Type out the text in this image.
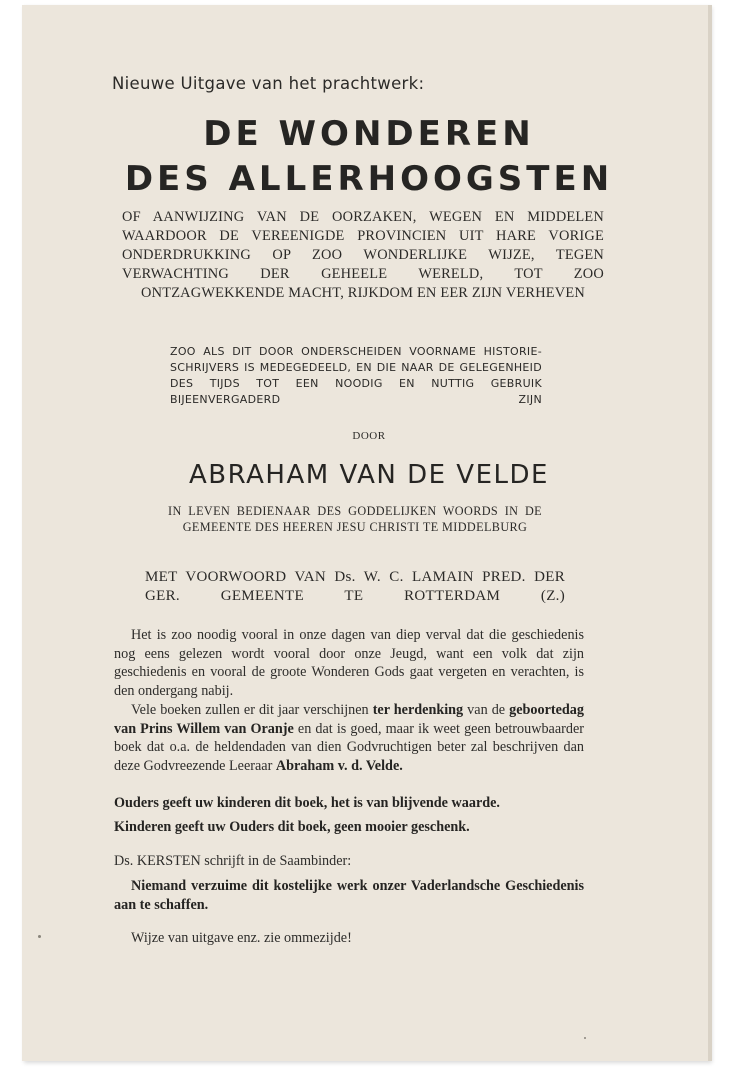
Nieuwe Uitgave van het prachtwerk:
DE WONDEREN
DES ALLERHOOGSTEN
OF AANWIJZING VAN DE OORZAKEN, WEGEN EN MIDDELEN WAARDOOR DE VEREENIGDE PROVINCIEN UIT HARE VORIGE ONDERDRUKKING OP ZOO WONDERLIJKE WIJZE, TEGEN VERWACHTING DER GEHEELE WERELD, TOT ZOO ONTZAGWEKKENDE MACHT, RIJKDOM EN EER ZIJN VERHEVEN
ZOO ALS DIT DOOR ONDERSCHEIDEN VOORNAME HISTORIE-SCHRIJVERS IS MEDEGEDEELD, EN DIE NAAR DE GELEGENHEID DES TIJDS TOT EEN NOODIG EN NUTTIG GEBRUIK BIJEENVERGADERD ZIJN
DOOR
ABRAHAM VAN DE VELDE
IN LEVEN BEDIENAAR DES GODDELIJKEN WOORDS IN DE GEMEENTE DES HEEREN JESU CHRISTI TE MIDDELBURG
MET VOORWOORD VAN Ds. W. C. LAMAIN PRED. DER GER. GEMEENTE TE ROTTERDAM (Z.)
Het is zoo noodig vooral in onze dagen van diep verval dat die geschiedenis nog eens gelezen wordt vooral door onze Jeugd, want een volk dat zijn geschiedenis en vooral de groote Wonderen Gods gaat vergeten en verachten, is den ondergang nabij.
Vele boeken zullen er dit jaar verschijnen ter herdenking van de geboortedag van Prins Willem van Oranje en dat is goed, maar ik weet geen betrouwbaarder boek dat o.a. de heldendaden van dien Godvruchtigen beter zal beschrijven dan deze Godvreezende Leeraar Abraham v. d. Velde.
Ouders geeft uw kinderen dit boek, het is van blijvende waarde.
Kinderen geeft uw Ouders dit boek, geen mooier geschenk.
Ds. KERSTEN schrijft in de Saambinder:
Niemand verzuime dit kostelijke werk onzer Vaderlandsche Geschiedenis aan te schaffen.
Wijze van uitgave enz. zie ommezijde!
